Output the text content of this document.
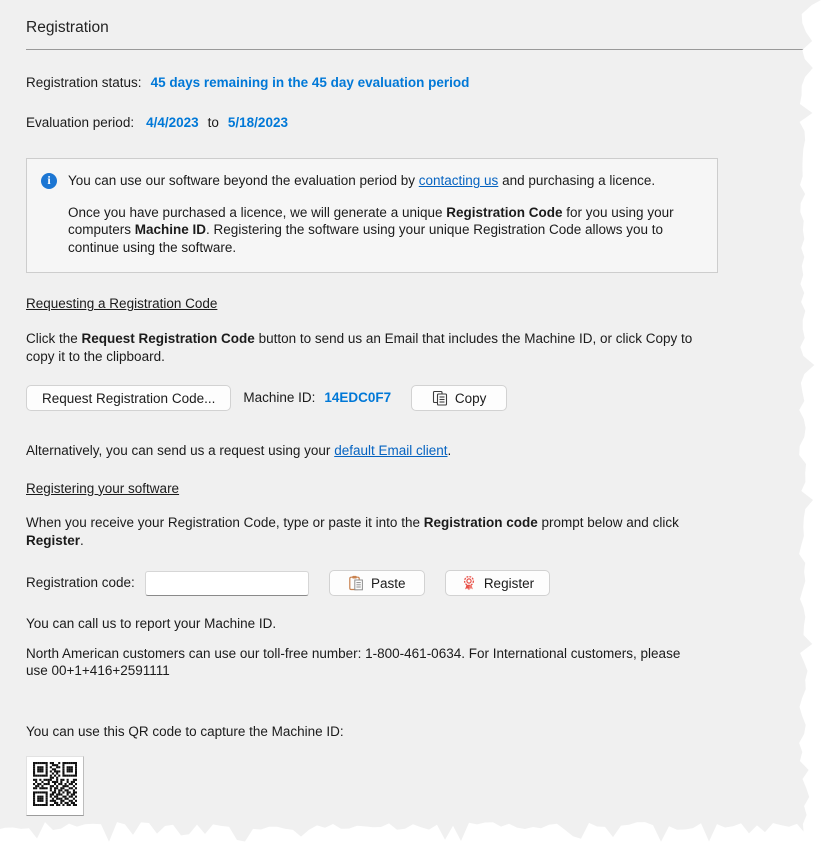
Registration
Registration status: 45 days remaining in the 45 day evaluation period
Evaluation period: 4/4/2023 to 5/18/2023
i	You can use our software beyond the evaluation period by contacting us and purchasing a licence.

Once you have purchased a licence, we will generate a unique Registration Code for you using your computers Machine ID. Registering the software using your unique Registration Code allows you to continue using the software.

Requesting a Registration Code

Click the Request Registration Code button to send us an Email that includes the Machine ID, or click Copy to copy it to the clipboard.

Request Registration Code... Machine ID: 14EDC0F7	Copy

Alternatively, you can send us a request using your default Email client.

Registering your software

When you receive your Registration Code, type or paste it into the Registration code prompt below and click Register.

Registration code:	Paste	Register

You can call us to report your Machine ID.

North American customers can use our toll-free number: 1-800-461-0634. For International customers, please use 00+1+416+2591111

You can use this QR code to capture the Machine ID:
